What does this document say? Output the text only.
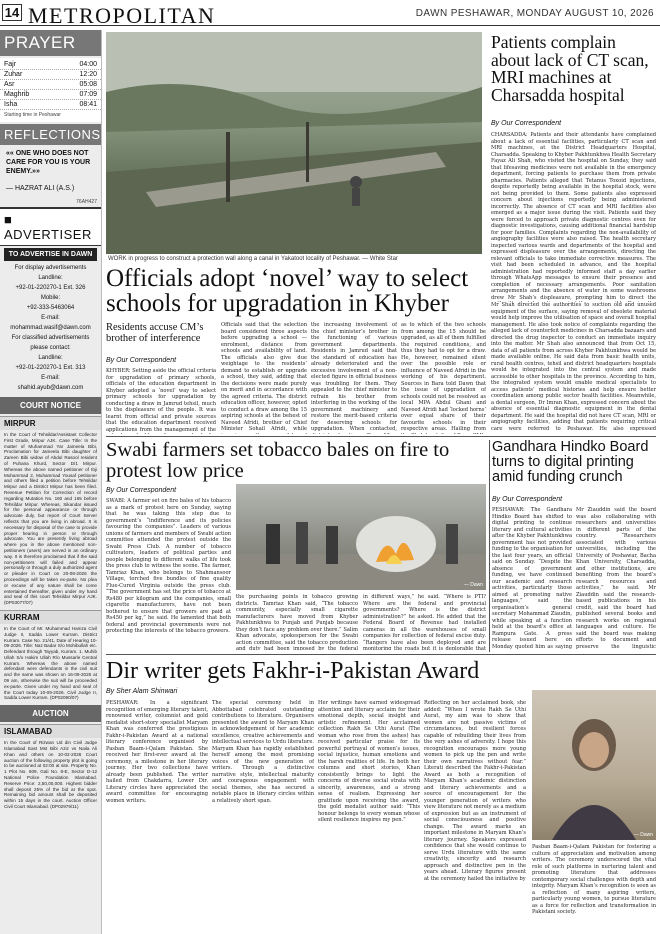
14 METROPOLITAN	DAWN PESHAWAR, MONDAY AUGUST 10, 2026
PRAYER
Fajr	04:00
Zuhar	12:20
Asr	05:08
Maghrib	07:09
Isha	08:41
Starting time in Peshawar
REFLECTIONS
«« ONE WHO DOES NOT CARE FOR YOU IS YOUR ENEMY.»»
— HAZRAT ALI (A.S.)
76AH427
■ ADVERTISER
TO ADVERTISE IN DAWN
For display advertisements
Landline:
+92-01-220270-1 Ext. 326
Mobile:
+92-333-5463064
E-mail:
mohammad.wasif@dawn.com
For classified advertisements
please contact:
Landline:
+92-01-220270-1 Ext. 313
E-mail:
shahid.ayub@dawn.com
COURT NOTICE
MIRPUR
In the Court of Tehsildar/Assistant Collector First Grade, Mirpur AJK. Case Title: In the matter of Muhammad Yar Jameela Bibi, Proclamation for Jameela Bibi daughter of Zareen Bibi widow of Abdul Rasool resident of Puhana Khurd, Sector D/1 Mirpur. Whereas the above named petitioner of Ibji Muhammad 2, Muhammad Yousaf petitioner and others filed a petition before Tehsildar Mirpur and a District Mirpur has been filed. Revenue Petition for Correction of record regarding Mutation No. 160 and 165 before Tehsildar Mirpur. Whereas, Sikandar issued for the personal appearance or through advocate duly, but report of Court Server reflects that you are living in abroad. It is necessary for disposal of the case to provide proper hearing in person or through advocate. You are presently living abroad where you in the above mentioned non-petitioners (users) are served in an ordinary way. It is therefore proclaimed that if the said non-petitioners will failed and appear personally or through a duly authorized agent or pleader in Court on 20-08-2026 the proceedings will be taken ex-parte. No plea or excuse of any nature shall be come entertained thereafter, given under my hand and seal of this court Tehsildar Mirpur AJK. (DP03077/07)
KURRAM
In the Court of Mr. Muhammad Hamza Civil Judge II, Sadda Lower Kurram. District Kurram. Case No. 21/41, Date of Hearing 10-09-2026. Title: Naz Badar S/o Mohibullah etc. Defendant through Tayyab, Kurram. 1. Muhib Ullah S/o Hakim Ullah R/o Mussarle Central Kurram. Whereas the above named defendant were defendants in the civil suit and the same was shown on 16-09-2026 at 09 am, otherwise the suit will be proceeded ex-parte. Given under my hand and seal of the Court today 10-09-2026. Civil Judge II, Sadda Lower Kurram. (DP02090/07)
AUCTION
ISLAMABAD
In the Court of Rizwan Ud din Civil Judge Islamabad East Mst Bibi Aziz vs Naila Ali Khan and others on 10-02-2026 Court auction of the following property plot is going to be auctioned at 02:00 at site. Property No. 1 Plot No. 609, Gali No. 8-E, Sector D-12 National Police Foundation Islamabad. Reserve Price: 2,50,00,000. Highest bidder shall deposit 25% of the bid at the spot. Remaining bid amount shall be deposited within 15 days in the court. Auction Officer Civil Court Islamabad. (DP02979/11)
WORK in progress to construct a protection wall along a canal in Yakatoot locality of Peshawar. — White Star
Patients complain about lack of CT scan, MRI machines at Charsadda hospital
By Our Correspondent
CHARSADDA: Patients and their attendants have complained about a lack of essential facilities, particularly CT scan and MRI machines, at the District Headquarters Hospital, Charsadda. Speaking to Khyber Pakhtunkhwa Health Secretary Fayaz Ali Shah, who visited the hospital on Sunday, they said that lifesaving medicines were not available in the emergency department, forcing patients to purchase them from private pharmacies. Patients alleged that Tetanus Toxoid injections, despite reportedly being available in the hospital stock, were not being provided to them. Some patients also expressed concern about injections reportedly being administered incorrectly. The absence of CT scan and MRI facilities also emerged as a major issue during the visit. Patients said they were forced to approach private diagnostic centres even for diagnostic investigations, causing additional financial hardship for poor families. Complaints regarding the non-availability of angiography facilities were also raised. The health secretary inspected various wards and departments of the hospital and expressed displeasure over the arrangements, directing the relevant officials to take immediate corrective measures. The visit had been scheduled in advance, and the hospital administration had reportedly informed staff a day earlier through WhatsApp messages to ensure their presence and completion of necessary arrangements. Poor sanitation arrangements and the absence of water in some washrooms drew Mr Shah’s displeasure, prompting him to direct the
Mr Shah directed the authorities to suction old and unused equipment of the surface, saying removal of obsolete material would help improve the utilisation of space and overall hospital management. He also took notice of complaints regarding the alleged lack of counterfeit medicines in Charsadda bazaars and directed the drug inspector to conduct an immediate inquiry into the matter. Mr Shah also announced that from Oct 15, data of all patients from across Khyber Pakhtunkhwa would be made available online. He said data from basic health units, rural health centres, tehsil and district headquarters hospitals would be integrated into the central system and made accessible to other hospitals in the province. According to him, the integrated system would enable medical specialists to access patients’ medical histories and help ensure better coordination among public sector health facilities. Meanwhile, a dental surgeon, Dr Imran Khan, expressed concern about the absence of essential diagnostic equipment in the dental department. He said the hospital did not have CT scan, MRI or angiography facilities, adding that patients requiring critical care were referred to Peshawar. He also expressed
Officials adopt ‘novel’ way to select schools for upgradation in Khyber
Residents accuse CM’s brother of interference
By Our Correspondent
KHYBER: Setting aside the official criteria for upgradation of primary schools, officials of the education department in Khyber adopted a ‘novel’ way to select primary schools for upgradation by conducting a draw in Jamrud tehsil, much to the displeasure of the people. It was learnt from official and private sources that the education department received applications from the management of the
Officials said that the selection board considered three aspects before upgrading a school — enrolment, distance from schools and availability of land. The officials also give due weightage to the residents’ demand to establish or upgrade a school, they said, adding that the decisions were made purely on merit and in accordance with the agreed criteria. The district education officer, however, opted to conduct a draw among the 15 aspiring schools at the behest of Naveed Afridi, brother of Chief Minister Sohail Afridi, while
the increasing involvement of the chief minister’s brother in the functioning of various government departments. Residents in Jamrud said that the standard of education has already deteriorated and the excessive involvement of a non-elected figure in official business was troubling for them. They appealed to the chief minister to refrain his brother from interfering in the working of the government machinery and restore the merit-based criteria for deserving schools for upgradation. When contacted,
as to which of the two schools from among the 15 should be upgraded, as all of them fulfilled the required conditions, and thus they had to opt for a draw. He, however, remained silent over the possible role or influence of Naveed Afridi in the working of his department. Sources in Bara told Dawn that the issue of upgradation of schools could not be resolved as local MPA Abdul Ghani and Naveed Afridi had ‘locked horns’ over equal share of their favourite schools in their respective areas. Hailing from
Swabi farmers set tobacco bales on fire to protest low price
By Our Correspondent
SWABI: A farmer set on fire bales of his tobacco as a mark of protest here on Sunday, saying that he was taking this step due to government’s “indifference and its policies favouring the companies”. Leaders of various unions of farmers and members of Swabi action committee attended the protest outside the Swabi Press Club. A number of tobacco cultivators, leaders of political parties and people belonging to different walks of life took the press club to witness the scene. The farmer, Tamriaz Khan, who belongs to Shahmansoor Village, torched five bundles of fine quality Flue-Cured Virginia outside the press club. “The government has set the price of tobacco at Rs480 per kilogram and the companies, small cigarette manufacturers, have not been bothered to ensure that growers are paid at Rs450 per kg,” he said. He lamented that both federal and provincial governments were not protecting the interests of the tobacco growers.
— Dawn
the purchasing points in tobacco growing districts. Tamriaz Khan said, “The tobacco community, especially small cigarette manufacturers have moved from Khyber Pakhtunkhwa to Punjab and Punjab because they don’t face any problem over there.” Salim Khan advocate, spokesperson for the Swabi action committee, said the tobacco production and duty had been imposed by the federal
in different ways,” he said. “Where is PTI? Where are the federal and provincial governments? Where is the district administration?” he asked. He added that the Federal Board of Revenue had installed cameras in all the warehouses of small companies for collection of federal excise duty. “Rangers have also been deployed and are monitoring the roads but it is deplorable that
Gandhara Hindko Board turns to digital printing amid funding crunch
By Our Correspondent
PESHAWAR: The Gandhara Hindko Board has shifted to digital printing to continue literary and cultural activities after the Khyber Pakhtunkhwa government has not provided funding to the organisation for the last four years, an official said on Sunday. “Despite the absence of government funding, we have continued our academic and research activities, particularly those aimed at promoting native languages,” said the organisation’s general secretary Mohammad Ziaudin, while speaking at a function held at the board’s office at Rampura Gate. A press release issued here on Monday quoted him as saying
Mr Ziauddin said the board was also collaborating with researchers and universities in different parts of the country. “Researchers associated with various universities, including the University of Peshawar, Bacha Khan University, Charsadda, and other institutions, are benefiting from the board’s research resources and activities,” he said. Mr Ziauddin said the research-based publications in his credit, said the board had published several books and research works on regional languages and culture. He said the board was making efforts to document and preserve the linguistic
Dir writer gets Fakhr-i-Pakistan Award
By Sher Alam Shinwari
PESHAWAR: In a significant recognition of emerging literary talent, renowned writer, columnist and gold medalist short-story specialist Maryam Khan was conferred the prestigious Fakhr-i-Pakistan Award at a national literary conference organised by Pasban Baam-i-Qalam Pakistan. She received her first-ever award at the ceremony, a milestone in her literary journey. Her two collections have already been published. The writer hailed from Chakdarra, Lower Dir. Literary circles have appreciated the award committee for encouraging women writers.
The special ceremony held in Abbottabad celebrated outstanding contributions to literature. Organisers presented the award to Maryam Khan in acknowledgement of her academic excellence, creative achievements and intellectual services to Urdu literature. Maryam Khan has rapidly established herself among the most promising voices of the new generation of writers. Through a distinctive narrative style, intellectual maturity and courageous engagement with social themes, she has secured a notable place in literary circles within a relatively short span.
Her writings have earned widespread attention and literary acclaim for their emotional depth, social insight and artistic refinement. Her acclaimed collection Rakh Se Uthi Aurat (The woman who rose from the ashes) has received particular praise for its powerful portrayal of women’s issues, social injustice, human emotions and the harsh realities of life. In both her columns and short stories, Khan consistently brings to light the concerns of diverse social strata with sincerity, awareness, and a strong sense of realism. Expressing her gratitude upon receiving the award, the gold medalist author said: “This honour belongs to every woman whose silent resilience inspires my pen.”
Reflecting on her acclaimed book, she added: “When I wrote Rakh Se Uthi Aurat, my aim was to show that women are not passive victims of circumstances, but resilient forces capable of rebuilding their lives from the very ashes of adversity. I hope this recognition encourages more young women to pick up the pen and write their own narratives without fear.” Literati described the Fakhr-i-Pakistan Award as both a recognition of Maryam Khan’s academic distinction and literary achievements and a source of encouragement for the younger generation of writers who view literature not merely as a medium of expression but as an instrument of social consciousness and positive change. The award marks an important milestone in Maryam Khan’s literary journey. Speakers expressed confidence that she would continue to serve Urdu literature with the same creativity, sincerity and research approach and distinctive pen in the years ahead. Literary figures present at the ceremony hailed the initiative by
— Dawn
Pasban Baam-i-Qalam Pakistan for fostering a culture of appreciation and motivation among writers. The ceremony underscored the vital role of such platforms in nurturing talent and promoting literature that addresses contemporary social challenges with depth and integrity. Maryam Khan’s recognition is seen as a reflection of many aspiring writers, particularly young women, to pursue literature as a force for reflection and transformation in Pakistani society.
